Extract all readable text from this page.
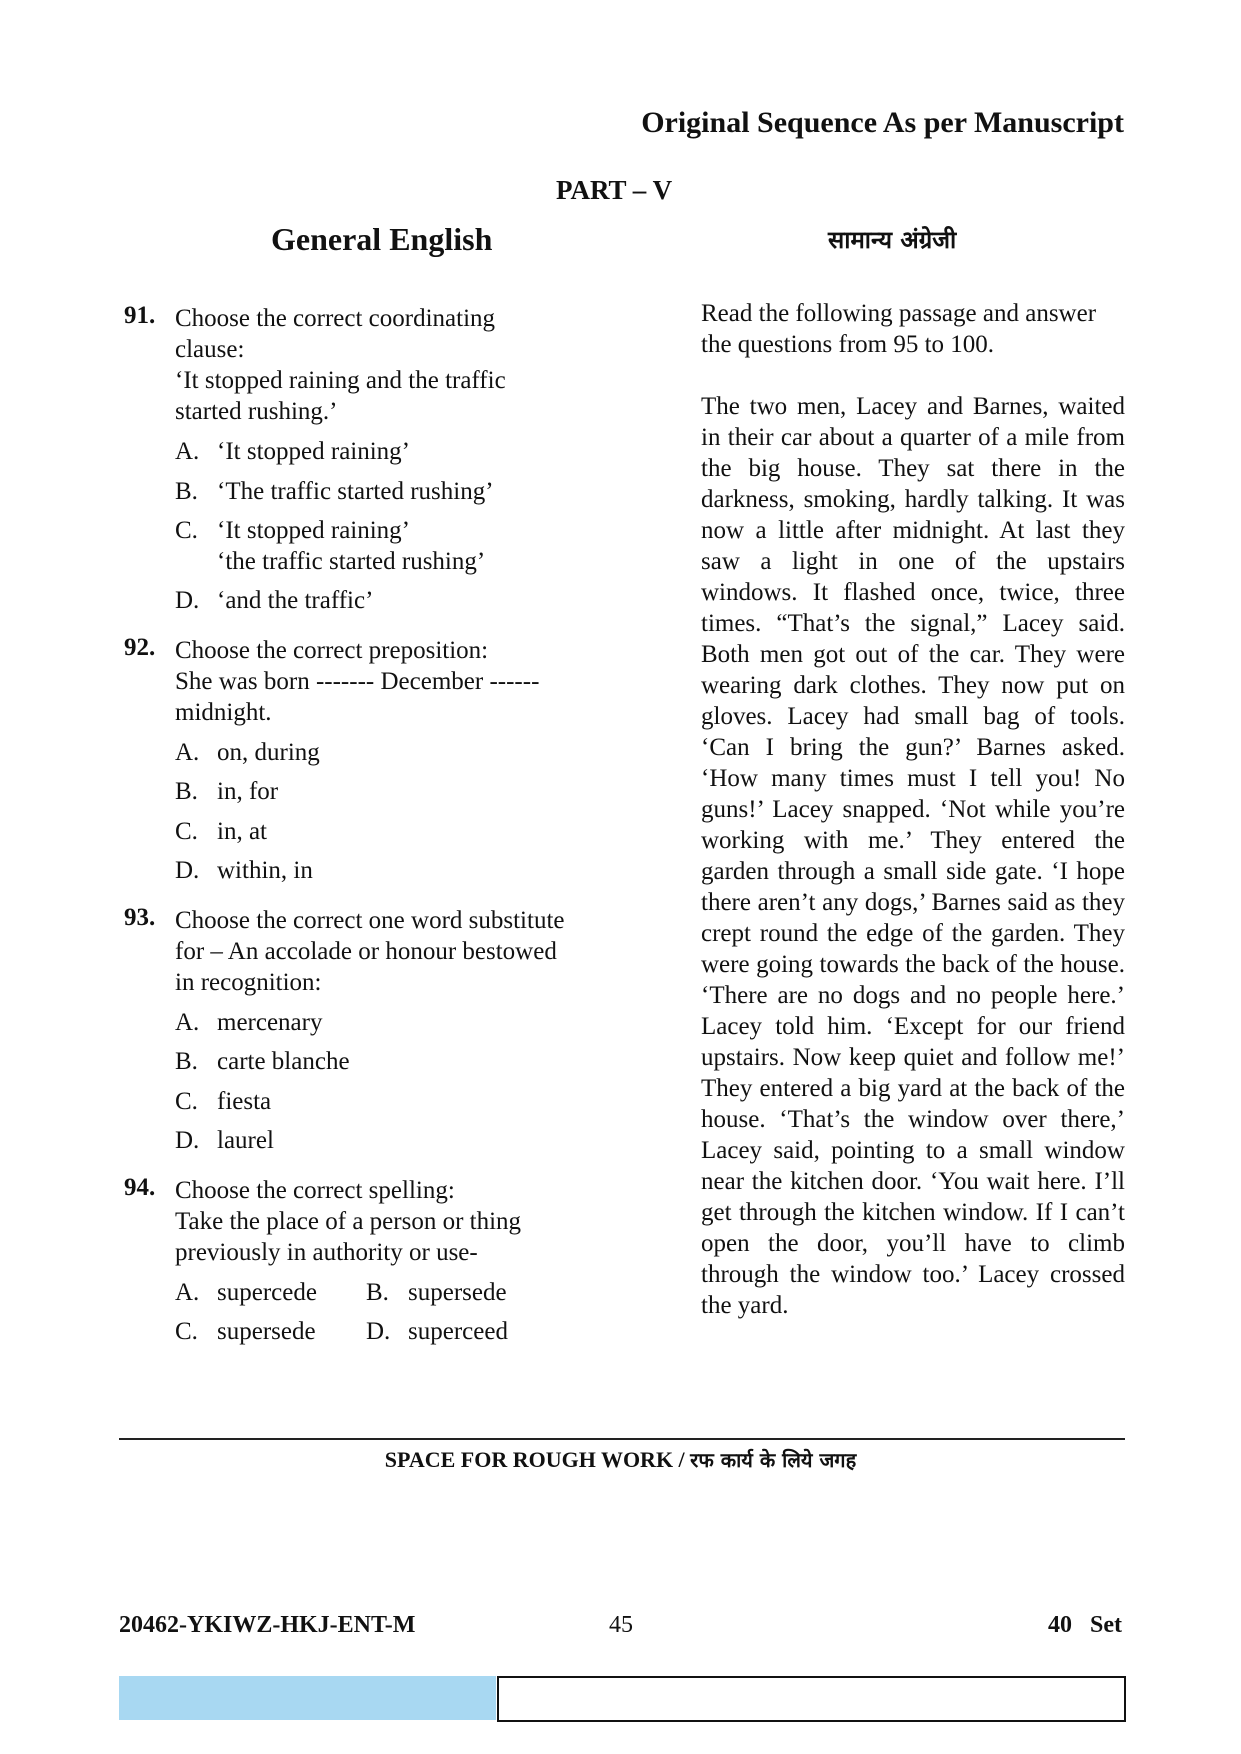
Original Sequence As per Manuscript
PART – V
General English	सामान्य अंग्रेजी
91. Choose the correct coordinating
clause:
‘It stopped raining and the traffic
started rushing.’
A. ‘It stopped raining’
B. ‘The traffic started rushing’
C. ‘It stopped raining’
‘the traffic started rushing’
D. ‘and the traffic’
92. Choose the correct preposition:
She was born ------- December ------
midnight.
A. on, during
B. in, for
C. in, at
D. within, in
93. Choose the correct one word substitute
for – An accolade or honour bestowed
in recognition:
A. mercenary
B. carte blanche
C. fiesta
D. laurel
94. Choose the correct spelling:
Take the place of a person or thing
previously in authority or use-
A. supercede B. supersede
C. supersede D. superceed
Read the following passage and answer the questions from 95 to 100.
The two men, Lacey and Barnes, waited in their car about a quarter of a mile from the big house. They sat there in the darkness, smoking, hardly talking. It was now a little after midnight. At last they saw a light in one of the upstairs windows. It flashed once, twice, three times. “That’s the signal,” Lacey said. Both men got out of the car. They were wearing dark clothes. They now put on gloves. Lacey had small bag of tools. ‘Can I bring the gun?’ Barnes asked. ‘How many times must I tell you! No guns!’ Lacey snapped. ‘Not while you’re working with me.’ They entered the garden through a small side gate. ‘I hope there aren’t any dogs,’ Barnes said as they crept round the edge of the garden. They were going towards the back of the house. ‘There are no dogs and no people here.’ Lacey told him. ‘Except for our friend upstairs. Now keep quiet and follow me!’ They entered a big yard at the back of the house. ‘That’s the window over there,’ Lacey said, pointing to a small window near the kitchen door. ‘You wait here. I’ll get through the kitchen window. If I can’t open the door, you’ll have to climb through the window too.’ Lacey crossed the yard.
SPACE FOR ROUGH WORK / रफ कार्य के लिये जगह
20462-YKIWZ-HKJ-ENT-M	45	40   Set
